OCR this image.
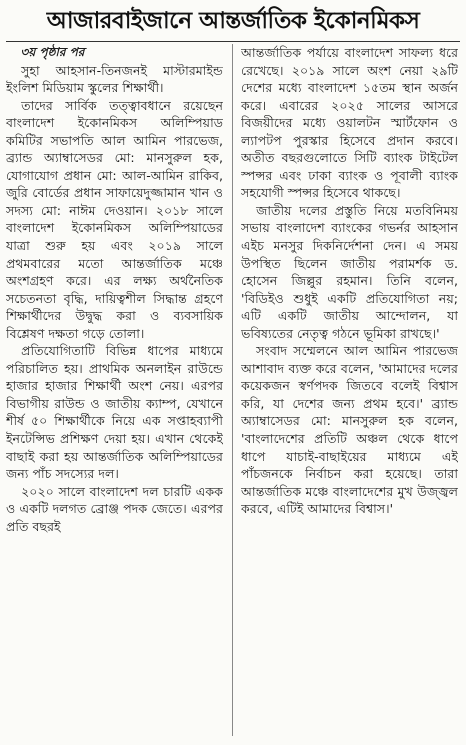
আজারবাইজানে আন্তর্জাতিক ইকোনমিকস

৩য় পৃষ্ঠার পর

সুহা আহসান-তিনজনই মাস্টারমাইন্ড ইংলিশ মিডিয়াম স্কুলের শিক্ষার্থী।

তাদের সার্বিক তত্ত্বাবধানে রয়েছেন বাংলাদেশ ইকোনমিকস অলিম্পিয়াড কমিটির সভাপতি আল আমিন পারভেজ, ব্র্যান্ড অ্যাম্বাসেডর মো: মানসুরুল হক, যোগাযোগ প্রধান মো: আল-আমিন রাকিব, জুরি বোর্ডের প্রধান সাফায়েদুজ্জামান খান ও সদস্য মো: নাঈম দেওয়ান। ২০১৮ সালে বাংলাদেশ ইকোনমিকস অলিম্পিয়াডের যাত্রা শুরু হয় এবং ২০১৯ সালে প্রথমবারের মতো আন্তর্জাতিক মঞ্চে অংশগ্রহণ করে। এর লক্ষ্য অর্থনৈতিক সচেতনতা বৃদ্ধি, দায়িত্বশীল সিদ্ধান্ত গ্রহণে শিক্ষার্থীদের উদ্বুদ্ধ করা ও ব্যবসায়িক বিশ্লেষণ দক্ষতা গড়ে তোলা।

প্রতিযোগিতাটি বিভিন্ন ধাপের মাধ্যমে পরিচালিত হয়। প্রাথমিক অনলাইন রাউন্ডে হাজার হাজার শিক্ষার্থী অংশ নেয়। এরপর বিভাগীয় রাউন্ড ও জাতীয় ক্যাম্প, যেখানে শীর্ষ ৫০ শিক্ষার্থীকে নিয়ে এক সপ্তাহব্যাপী ইনটেন্সিভ প্রশিক্ষণ দেয়া হয়। এখান থেকেই বাছাই করা হয় আন্তর্জাতিক অলিম্পিয়াডের জন্য পাঁচ সদস্যের দল।

২০২০ সালে বাংলাদেশ দল চারটি একক ও একটি দলগত ব্রোঞ্জ পদক জেতে। এরপর প্রতি বছরই

আন্তর্জাতিক পর্যায়ে বাংলাদেশ সাফল্য ধরে রেখেছে। ২০১৯ সালে অংশ নেয়া ২৯টি দেশের মধ্যে বাংলাদেশ ১৫তম স্থান অর্জন করে। এবারের ২০২৫ সালের আসরে বিজয়ীদের মধ্যে ওয়ালটন স্মার্টফোন ও ল্যাপটপ পুরস্কার হিসেবে প্রদান করবে। অতীত বছরগুলোতে সিটি ব্যাংক টাইটেল স্পন্সর এবং ঢাকা ব্যাংক ও পূবালী ব্যাংক সহযোগী স্পন্সর হিসেবে থাকছে।

জাতীয় দলের প্রস্তুতি নিয়ে মতবিনিময় সভায় বাংলাদেশ ব্যাংকের গভর্নর আহসান এইচ মনসুর দিকনির্দেশনা দেন। এ সময় উপস্থিত ছিলেন জাতীয় পরামর্শক ড. হোসেন জিল্লুর রহমান। তিনি বলেন, 'বিডিইও শুধুই একটি প্রতিযোগিতা নয়; এটি একটি জাতীয় আন্দোলন, যা ভবিষ্যতের নেতৃত্ব গঠনে ভূমিকা রাখছে।'

সংবাদ সম্মেলনে আল আমিন পারভেজ আশাবাদ ব্যক্ত করে বলেন, 'আমাদের দলের কয়েকজন স্বর্ণপদক জিতবে বলেই বিশ্বাস করি, যা দেশের জন্য প্রথম হবে।' ব্র্যান্ড অ্যাম্বাসেডর মো: মানসুরুল হক বলেন, 'বাংলাদেশের প্রতিটি অঞ্চল থেকে ধাপে ধাপে যাচাই-বাছাইয়ের মাধ্যমে এই পাঁচজনকে নির্বাচন করা হয়েছে। তারা আন্তর্জাতিক মঞ্চে বাংলাদেশের মুখ উজ্জ্বল করবে, এটিই আমাদের বিশ্বাস।'
